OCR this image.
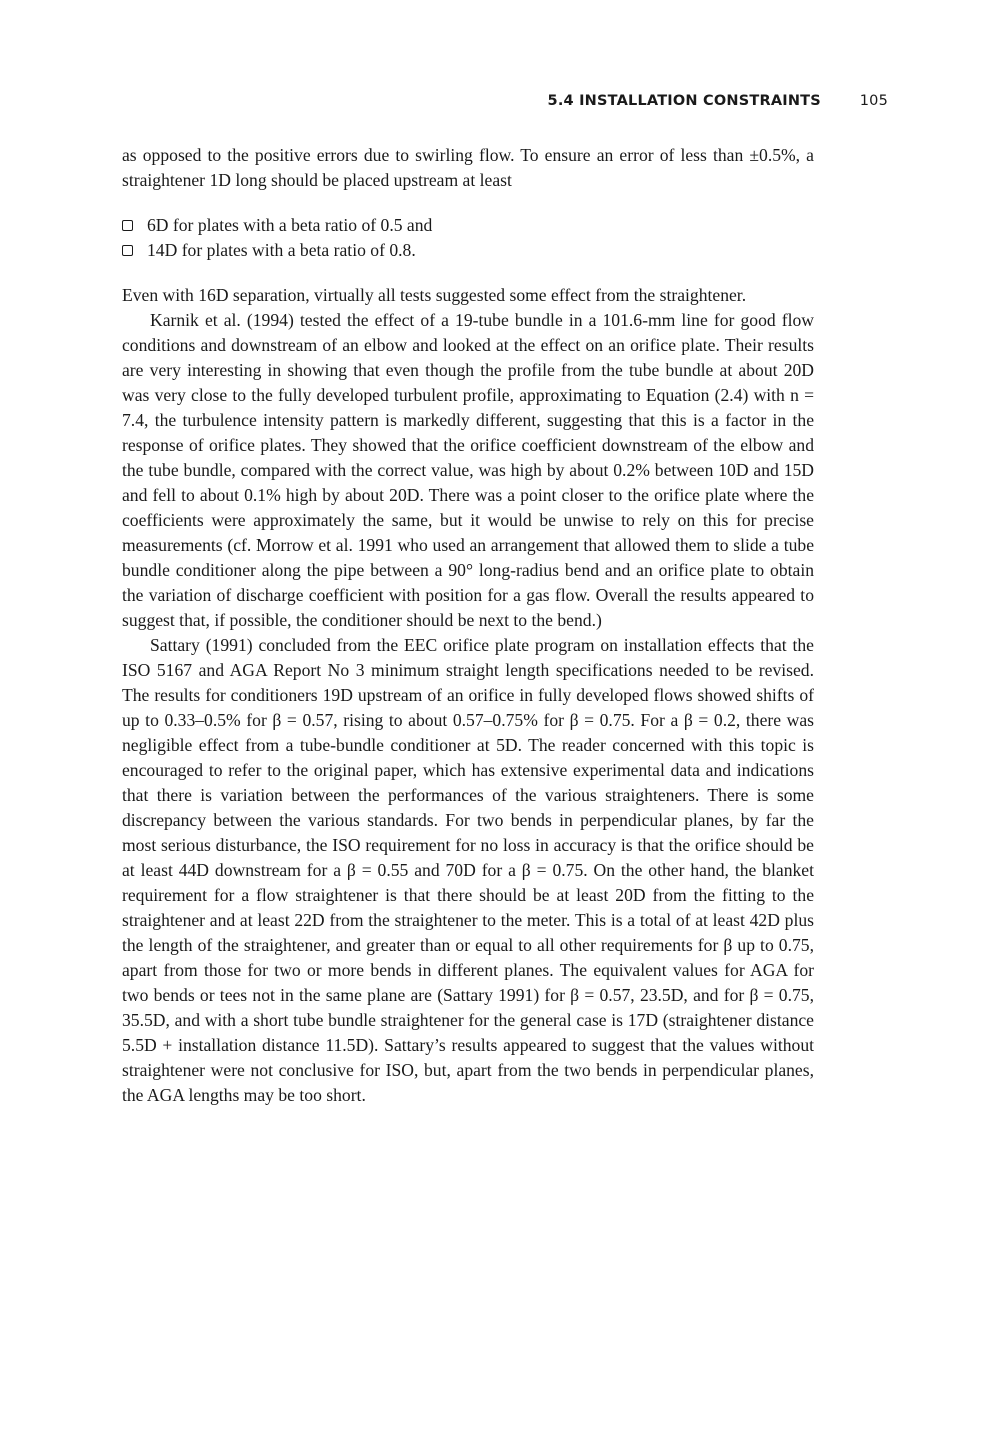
5.4 INSTALLATION CONSTRAINTS	105

as opposed to the positive errors due to swirling flow. To ensure an error of less than ±0.5%, a straightener 1D long should be placed upstream at least

6D for plates with a beta ratio of 0.5 and
14D for plates with a beta ratio of 0.8.

Even with 16D separation, virtually all tests suggested some effect from the straightener.

Karnik et al. (1994) tested the effect of a 19-tube bundle in a 101.6-mm line for good flow conditions and downstream of an elbow and looked at the effect on an orifice plate. Their results are very interesting in showing that even though the profile from the tube bundle at about 20D was very close to the fully developed turbulent profile, approximating to Equation (2.4) with n = 7.4, the turbulence intensity pattern is markedly different, suggesting that this is a factor in the response of orifice plates. They showed that the orifice coefficient downstream of the elbow and the tube bundle, compared with the correct value, was high by about 0.2% between 10D and 15D and fell to about 0.1% high by about 20D. There was a point closer to the orifice plate where the coefficients were approximately the same, but it would be unwise to rely on this for precise measurements (cf. Morrow et al. 1991 who used an arrangement that allowed them to slide a tube bundle conditioner along the pipe between a 90° long-radius bend and an orifice plate to obtain the variation of discharge coefficient with position for a gas flow. Overall the results appeared to suggest that, if possible, the conditioner should be next to the bend.)

Sattary (1991) concluded from the EEC orifice plate program on installation effects that the ISO 5167 and AGA Report No 3 minimum straight length specifications needed to be revised. The results for conditioners 19D upstream of an orifice in fully developed flows showed shifts of up to 0.33–0.5% for β = 0.57, rising to about 0.57–0.75% for β = 0.75. For a β = 0.2, there was negligible effect from a tube-bundle conditioner at 5D. The reader concerned with this topic is encouraged to refer to the original paper, which has extensive experimental data and indications that there is variation between the performances of the various straighteners. There is some discrepancy between the various standards. For two bends in perpendicular planes, by far the most serious disturbance, the ISO requirement for no loss in accuracy is that the orifice should be at least 44D downstream for a β = 0.55 and 70D for a β = 0.75. On the other hand, the blanket requirement for a flow straightener is that there should be at least 20D from the fitting to the straightener and at least 22D from the straightener to the meter. This is a total of at least 42D plus the length of the straightener, and greater than or equal to all other requirements for β up to 0.75, apart from those for two or more bends in different planes. The equivalent values for AGA for two bends or tees not in the same plane are (Sattary 1991) for β = 0.57, 23.5D, and for β = 0.75, 35.5D, and with a short tube bundle straightener for the general case is 17D (straightener distance 5.5D + installation distance 11.5D). Sattary’s results appeared to suggest that the values without straightener were not conclusive for ISO, but, apart from the two bends in perpendicular planes, the AGA lengths may be too short.
